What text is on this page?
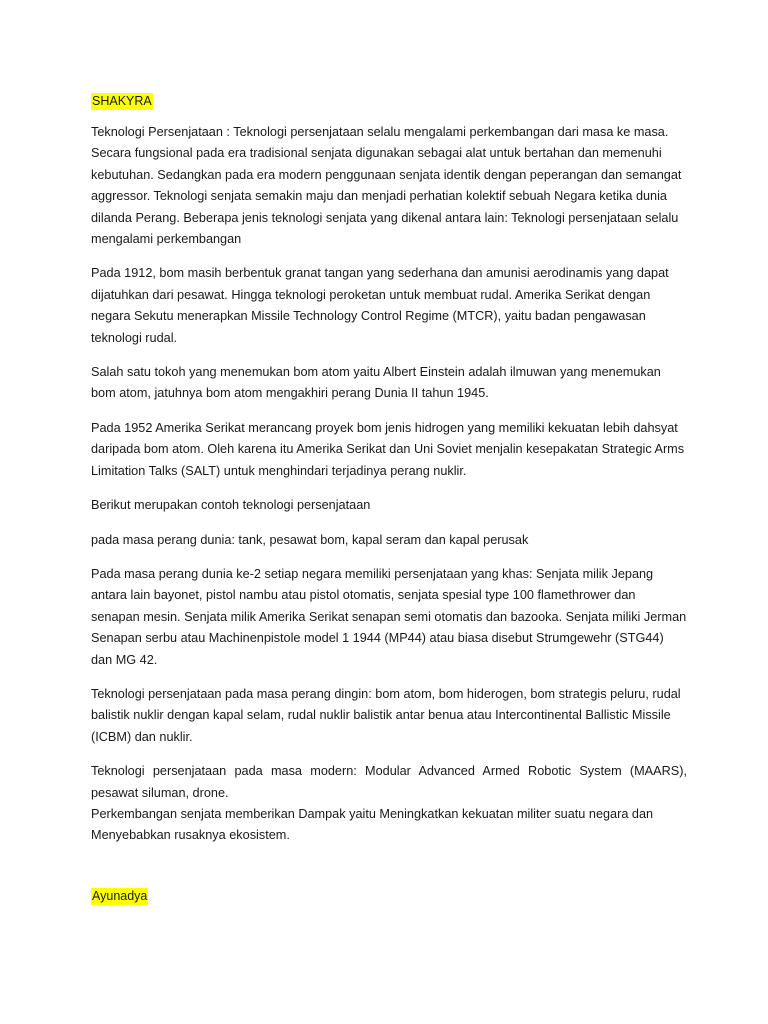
SHAKYRA

Teknologi Persenjataan : Teknologi persenjataan selalu mengalami perkembangan dari masa ke masa. Secara fungsional pada era tradisional senjata digunakan sebagai alat untuk bertahan dan memenuhi kebutuhan. Sedangkan pada era modern penggunaan senjata identik dengan peperangan dan semangat aggressor. Teknologi senjata semakin maju dan menjadi perhatian kolektif sebuah Negara ketika dunia dilanda Perang. Beberapa jenis teknologi senjata yang dikenal antara lain: Teknologi persenjataan selalu mengalami perkembangan

Pada 1912, bom masih berbentuk granat tangan yang sederhana dan amunisi aerodinamis yang dapat dijatuhkan dari pesawat. Hingga teknologi peroketan untuk membuat rudal. Amerika Serikat dengan negara Sekutu menerapkan Missile Technology Control Regime (MTCR), yaitu badan pengawasan teknologi rudal.

Salah satu tokoh yang menemukan bom atom yaitu Albert Einstein adalah ilmuwan yang menemukan bom atom, jatuhnya bom atom mengakhiri perang Dunia II tahun 1945.

Pada 1952 Amerika Serikat merancang proyek bom jenis hidrogen yang memiliki kekuatan lebih dahsyat daripada bom atom. Oleh karena itu Amerika Serikat dan Uni Soviet menjalin kesepakatan Strategic Arms Limitation Talks (SALT) untuk menghindari terjadinya perang nuklir.

Berikut merupakan contoh teknologi persenjataan

pada masa perang dunia: tank, pesawat bom, kapal seram dan kapal perusak

Pada masa perang dunia ke-2 setiap negara memiliki persenjataan yang khas: Senjata milik Jepang antara lain bayonet, pistol nambu atau pistol otomatis, senjata spesial type 100 flamethrower dan senapan mesin. Senjata milik Amerika Serikat senapan semi otomatis dan bazooka. Senjata miliki Jerman Senapan serbu atau Machinenpistole model 1 1944 (MP44) atau biasa disebut Strumgewehr (STG44) dan MG 42.

Teknologi persenjataan pada masa perang dingin: bom atom, bom hiderogen, bom strategis peluru, rudal balistik nuklir dengan kapal selam, rudal nuklir balistik antar benua atau Intercontinental Ballistic Missile (ICBM) dan nuklir.

Teknologi persenjataan pada masa modern: Modular Advanced Armed Robotic System (MAARS), pesawat siluman, drone.

Perkembangan senjata memberikan Dampak yaitu Meningkatkan kekuatan militer suatu negara dan Menyebabkan rusaknya ekosistem.

Ayunadya
